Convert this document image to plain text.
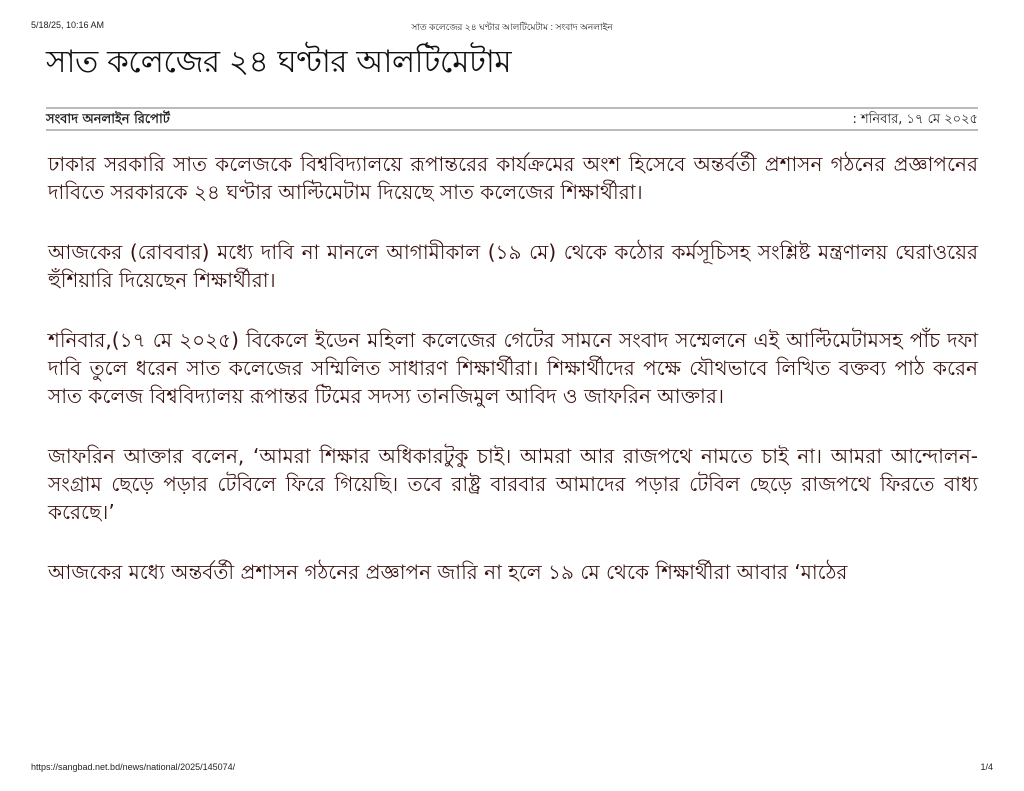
5/18/25, 10:16 AM	সাত কলেজের ২৪ ঘণ্টার আলটিমেটাম : সংবাদ অনলাইন
সাত কলেজের ২৪ ঘণ্টার আলটিমেটাম
সংবাদ অনলাইন রিপোর্ট	: শনিবার, ১৭ মে ২০২৫

ঢাকার সরকারি সাত কলেজকে বিশ্ববিদ্যালয়ে রূপান্তরের কার্যক্রমের অংশ হিসেবে অন্তর্বর্তী প্রশাসন গঠনের প্রজ্ঞাপনের দাবিতে সরকারকে ২৪ ঘণ্টার আল্টিমেটাম দিয়েছে সাত কলেজের শিক্ষার্থীরা।

আজকের (রোববার) মধ্যে দাবি না মানলে আগামীকাল (১৯ মে) থেকে কঠোর কর্মসূচিসহ সংশ্লিষ্ট মন্ত্রণালয় ঘেরাওয়ের হুঁশিয়ারি দিয়েছেন শিক্ষার্থীরা।

শনিবার,(১৭ মে ২০২৫) বিকেলে ইডেন মহিলা কলেজের গেটের সামনে সংবাদ সম্মেলনে এই আল্টিমেটামসহ পাঁচ দফা দাবি তুলে ধরেন সাত কলেজের সম্মিলিত সাধারণ শিক্ষার্থীরা। শিক্ষার্থীদের পক্ষে যৌথভাবে লিখিত বক্তব্য পাঠ করেন সাত কলেজ বিশ্ববিদ্যালয় রূপান্তর টিমের সদস্য তানজিমুল আবিদ ও জাফরিন আক্তার।

জাফরিন আক্তার বলেন, ‘আমরা শিক্ষার অধিকারটুকু চাই। আমরা আর রাজপথে নামতে চাই না। আমরা আন্দোলন-সংগ্রাম ছেড়ে পড়ার টেবিলে ফিরে গিয়েছি। তবে রাষ্ট্র বারবার আমাদের পড়ার টেবিল ছেড়ে রাজপথে ফিরতে বাধ্য করেছে।’

আজকের মধ্যে অন্তর্বর্তী প্রশাসন গঠনের প্রজ্ঞাপন জারি না হলে ১৯ মে থেকে শিক্ষার্থীরা আবার ‘মাঠের

https://sangbad.net.bd/news/national/2025/145074/	1/4
